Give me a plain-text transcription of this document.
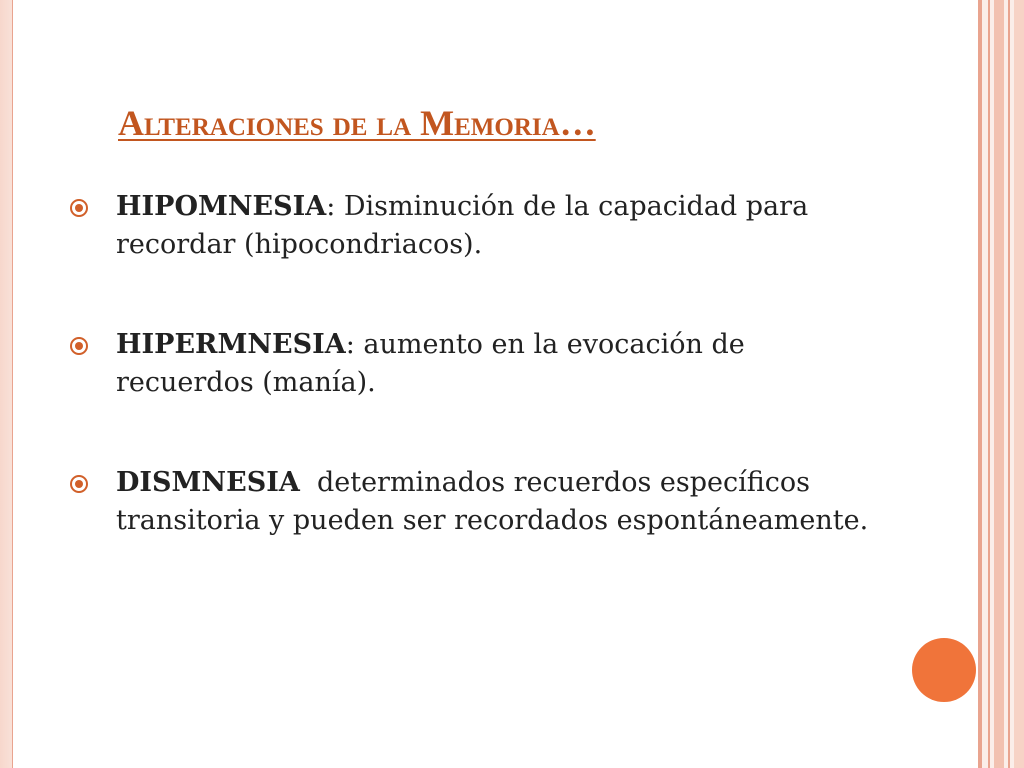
Alteraciones de la Memoria…
HIPOMNESIA: Disminución de la capacidad para recordar (hipocondriacos).
HIPERMNESIA: aumento en la evocación de recuerdos (manía).
DISMNESIA determinados recuerdos específicos transitoria y pueden ser recordados espontáneamente.
